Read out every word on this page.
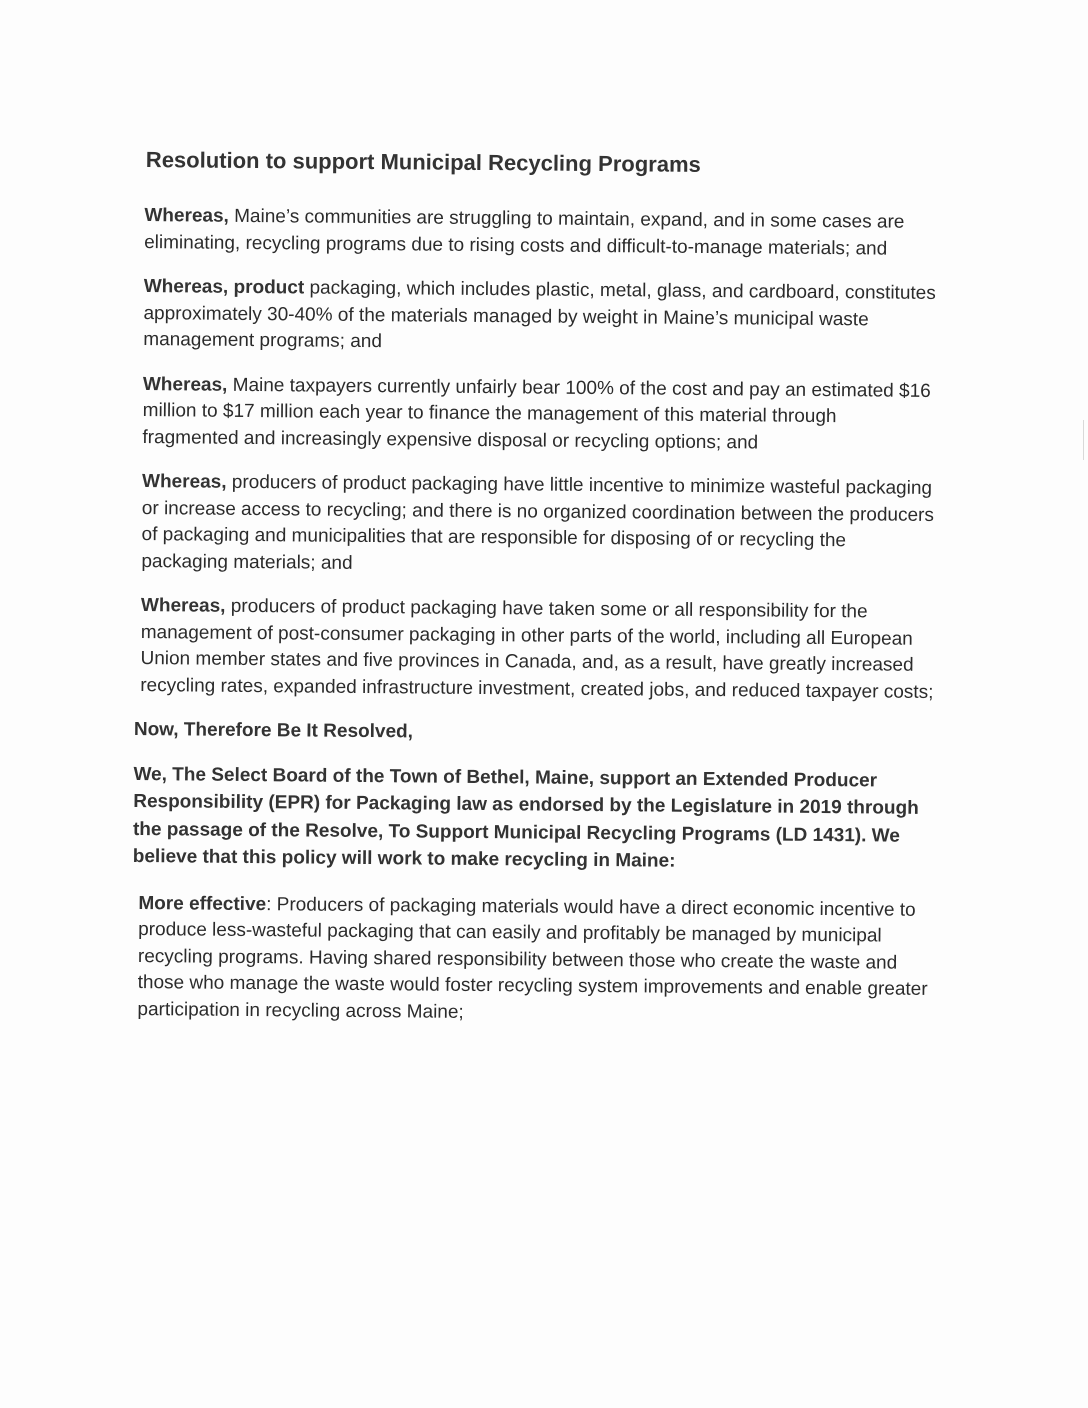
Resolution to support Municipal Recycling Programs

Whereas, Maine’s communities are struggling to maintain, expand, and in some cases are eliminating, recycling programs due to rising costs and difficult-to-manage materials; and

Whereas, product packaging, which includes plastic, metal, glass, and cardboard, constitutes approximately 30-40% of the materials managed by weight in Maine’s municipal waste management programs; and

Whereas, Maine taxpayers currently unfairly bear 100% of the cost and pay an estimated $16 million to $17 million each year to finance the management of this material through fragmented and increasingly expensive disposal or recycling options; and

Whereas, producers of product packaging have little incentive to minimize wasteful packaging or increase access to recycling; and there is no organized coordination between the producers of packaging and municipalities that are responsible for disposing of or recycling the packaging materials; and

Whereas, producers of product packaging have taken some or all responsibility for the management of post-consumer packaging in other parts of the world, including all European Union member states and five provinces in Canada, and, as a result, have greatly increased recycling rates, expanded infrastructure investment, created jobs, and reduced taxpayer costs;

Now, Therefore Be It Resolved,

We, The Select Board of the Town of Bethel, Maine, support an Extended Producer Responsibility (EPR) for Packaging law as endorsed by the Legislature in 2019 through the passage of the Resolve, To Support Municipal Recycling Programs (LD 1431). We believe that this policy will work to make recycling in Maine:

More effective: Producers of packaging materials would have a direct economic incentive to produce less-wasteful packaging that can easily and profitably be managed by municipal recycling programs. Having shared responsibility between those who create the waste and those who manage the waste would foster recycling system improvements and enable greater participation in recycling across Maine;
